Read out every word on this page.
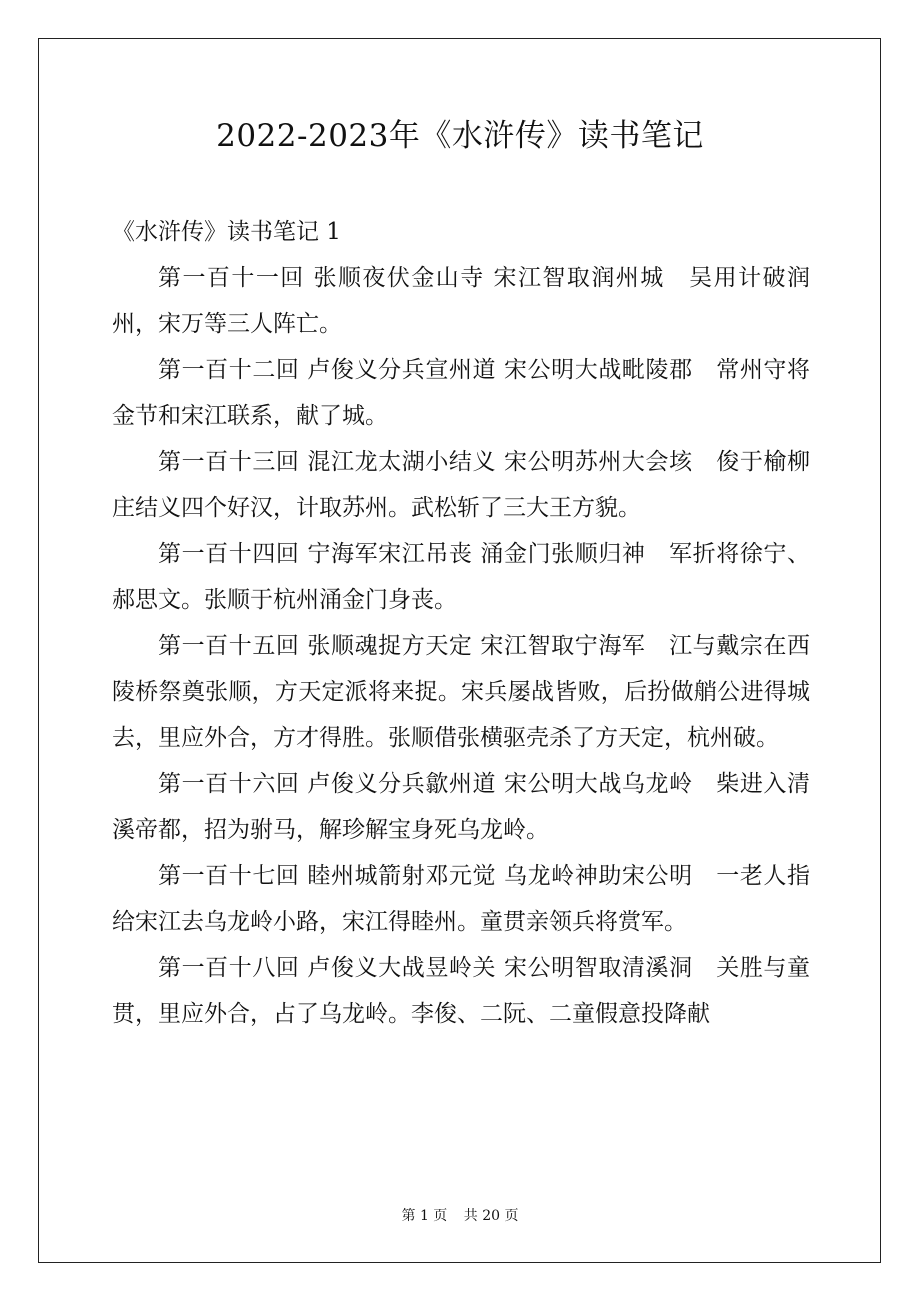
2022-2023年《水浒传》读书笔记

《水浒传》读书笔记 1

第一百十一回 张顺夜伏金山寺 宋江智取润州城　吴用计破润州，宋万等三人阵亡。

第一百十二回 卢俊义分兵宣州道 宋公明大战毗陵郡　常州守将金节和宋江联系，献了城。

第一百十三回 混江龙太湖小结义 宋公明苏州大会垓　俊于榆柳庄结义四个好汉，计取苏州。武松斩了三大王方貌。

第一百十四回 宁海军宋江吊丧 涌金门张顺归神　军折将徐宁、郝思文。张顺于杭州涌金门身丧。

第一百十五回 张顺魂捉方天定 宋江智取宁海军　江与戴宗在西陵桥祭奠张顺，方天定派将来捉。宋兵屡战皆败，后扮做艄公进得城去，里应外合，方才得胜。张顺借张横驱壳杀了方天定，杭州破。

第一百十六回 卢俊义分兵歙州道 宋公明大战乌龙岭　柴进入清溪帝都，招为驸马，解珍解宝身死乌龙岭。

第一百十七回 睦州城箭射邓元觉 乌龙岭神助宋公明　一老人指给宋江去乌龙岭小路，宋江得睦州。童贯亲领兵将赏军。

第一百十八回 卢俊义大战昱岭关 宋公明智取清溪洞　关胜与童贯，里应外合，占了乌龙岭。李俊、二阮、二童假意投降献

第 1 页 共 20 页
